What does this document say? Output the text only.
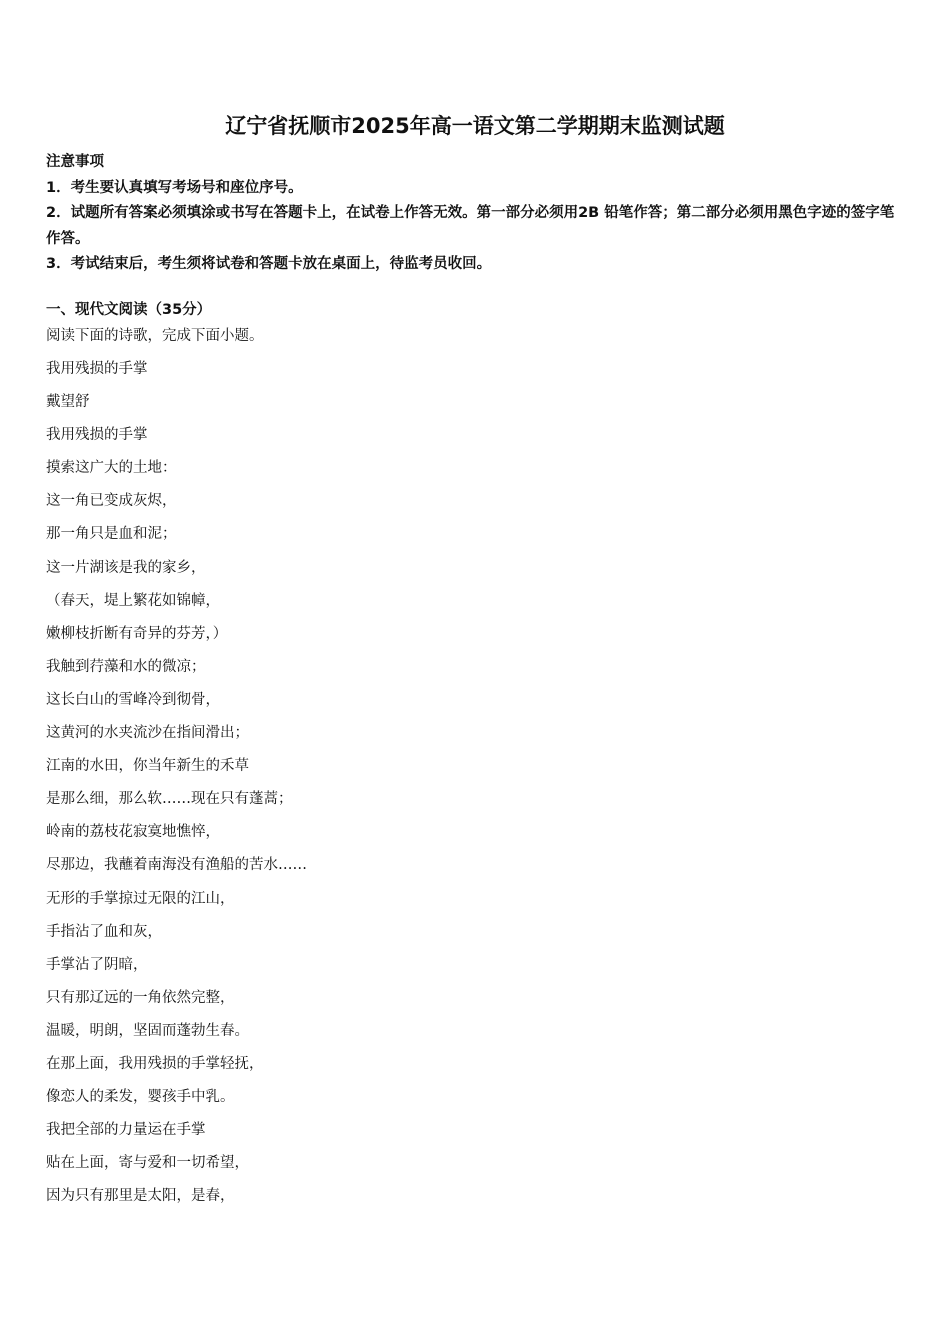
辽宁省抚顺市2025年高一语文第二学期期末监测试题
注意事项
1．考生要认真填写考场号和座位序号。
2．试题所有答案必须填涂或书写在答题卡上，在试卷上作答无效。第一部分必须用2B 铅笔作答；第二部分必须用黑色字迹的签字笔作答。
3．考试结束后，考生须将试卷和答题卡放在桌面上，待监考员收回。
一、现代文阅读（35分）
阅读下面的诗歌，完成下面小题。
我用残损的手掌
戴望舒
我用残损的手掌
摸索这广大的土地：
这一角已变成灰烬，
那一角只是血和泥；
这一片湖该是我的家乡，
（春天，堤上繁花如锦幛，
嫩柳枝折断有奇异的芬芳，）
我触到荇藻和水的微凉；
这长白山的雪峰冷到彻骨，
这黄河的水夹流沙在指间滑出；
江南的水田，你当年新生的禾草
是那么细，那么软……现在只有蓬蒿；
岭南的荔枝花寂寞地憔悴，
尽那边，我蘸着南海没有渔船的苦水……
无形的手掌掠过无限的江山，
手指沾了血和灰，
手掌沾了阴暗，
只有那辽远的一角依然完整，
温暖，明朗，坚固而蓬勃生春。
在那上面，我用残损的手掌轻抚，
像恋人的柔发，婴孩手中乳。
我把全部的力量运在手掌
贴在上面，寄与爱和一切希望，
因为只有那里是太阳，是春，
